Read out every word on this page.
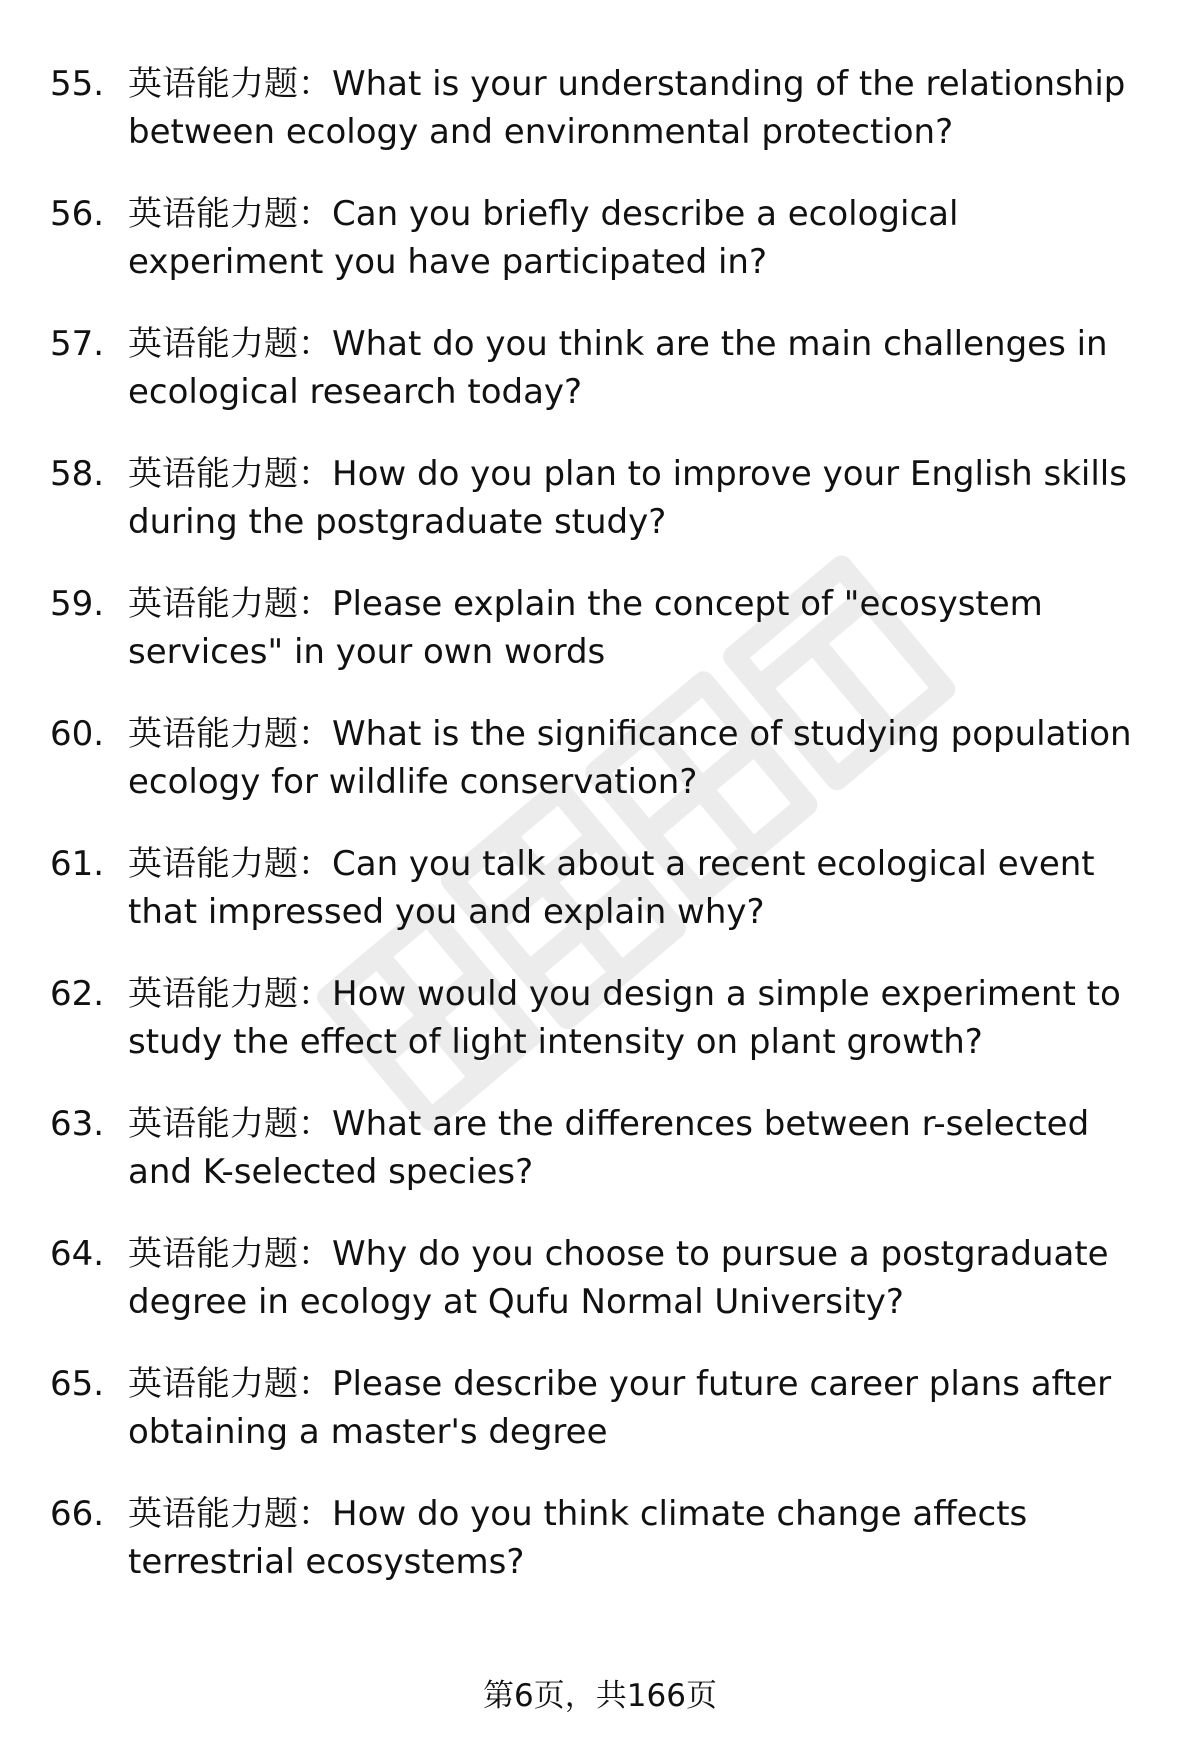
55. 英语能力题：What is your understanding of the relationship between ecology and environmental protection?
56. 英语能力题：Can you briefly describe a ecological experiment you have participated in?
57. 英语能力题：What do you think are the main challenges in ecological research today?
58. 英语能力题：How do you plan to improve your English skills during the postgraduate study?
59. 英语能力题：Please explain the concept of "ecosystem services" in your own words
60. 英语能力题：What is the significance of studying population ecology for wildlife conservation?
61. 英语能力题：Can you talk about a recent ecological event that impressed you and explain why?
62. 英语能力题：How would you design a simple experiment to study the effect of light intensity on plant growth?
63. 英语能力题：What are the differences between r-selected and K-selected species?
64. 英语能力题：Why do you choose to pursue a postgraduate degree in ecology at Qufu Normal University?
65. 英语能力题：Please describe your future career plans after obtaining a master's degree
66. 英语能力题：How do you think climate change affects terrestrial ecosystems?
第6页，共166页
